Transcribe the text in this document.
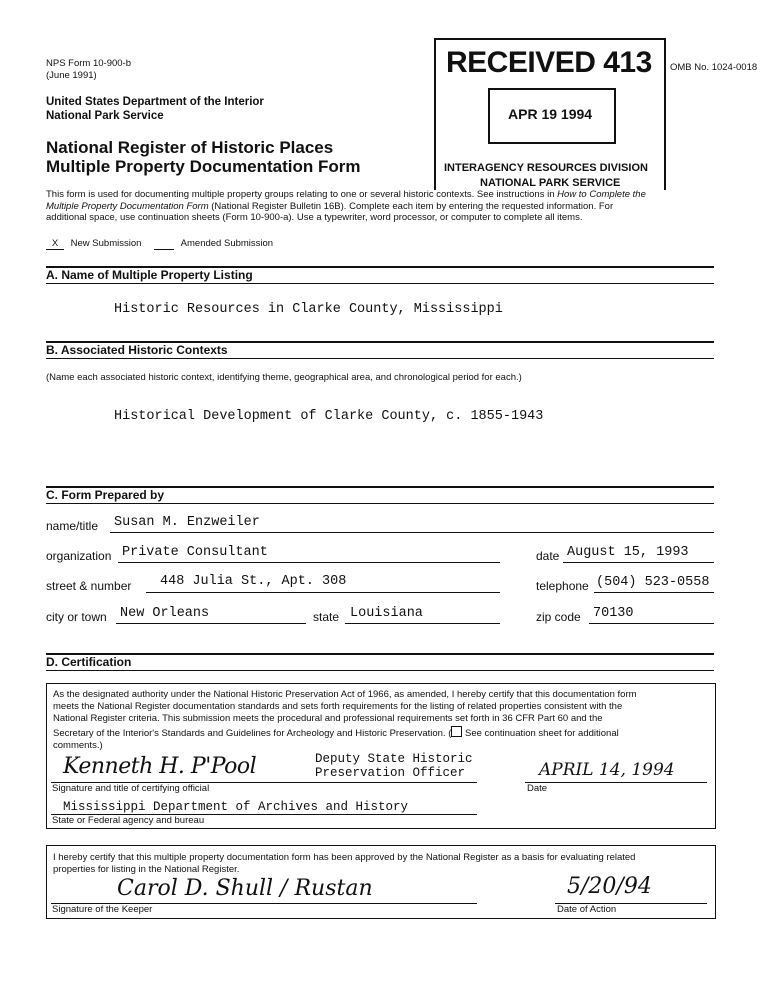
NPS Form 10-900-b
(June 1991)
OMB No. 1024-0018
United States Department of the Interior
National Park Service
National Register of Historic Places
Multiple Property Documentation Form
RECEIVED 413
APR 19 1994
INTERAGENCY RESOURCES DIVISION
NATIONAL PARK SERVICE
This form is used for documenting multiple property groups relating to one or several historic contexts. See instructions in How to Complete the
Multiple Property Documentation Form (National Register Bulletin 16B). Complete each item by entering the requested information. For
additional space, use continuation sheets (Form 10-900-a). Use a typewriter, word processor, or computer to complete all items.
X New Submission	Amended Submission
A. Name of Multiple Property Listing
Historic Resources in Clarke County, Mississippi
B. Associated Historic Contexts
(Name each associated historic context, identifying theme, geographical area, and chronological period for each.)
Historical Development of Clarke County, c. 1855-1943
C. Form Prepared by
name/title Susan M. Enzweiler
organization Private Consultant	date August 15, 1993
street & number 448 Julia St., Apt. 308	telephone (504) 523-0558
city or town New Orleans	state Louisiana	zip code 70130
D. Certification
As the designated authority under the National Historic Preservation Act of 1966, as amended, I hereby certify that this documentation form
meets the National Register documentation standards and sets forth requirements for the listing of related properties consistent with the
National Register criteria. This submission meets the procedural and professional requirements set forth in 36 CFR Part 60 and the
Secretary of the Interior's Standards and Guidelines for Archeology and Historic Preservation. ( See continuation sheet for additional
comments.)
Kenneth H. P'Pool	Deputy State Historic
Preservation Officer	APRIL 14, 1994
Signature and title of certifying official	Date
Mississippi Department of Archives and History
State or Federal agency and bureau
I hereby certify that this multiple property documentation form has been approved by the National Register as a basis for evaluating related
properties for listing in the National Register.
Carol D. Shull / Rustan	5/20/94
Signature of the Keeper	Date of Action
